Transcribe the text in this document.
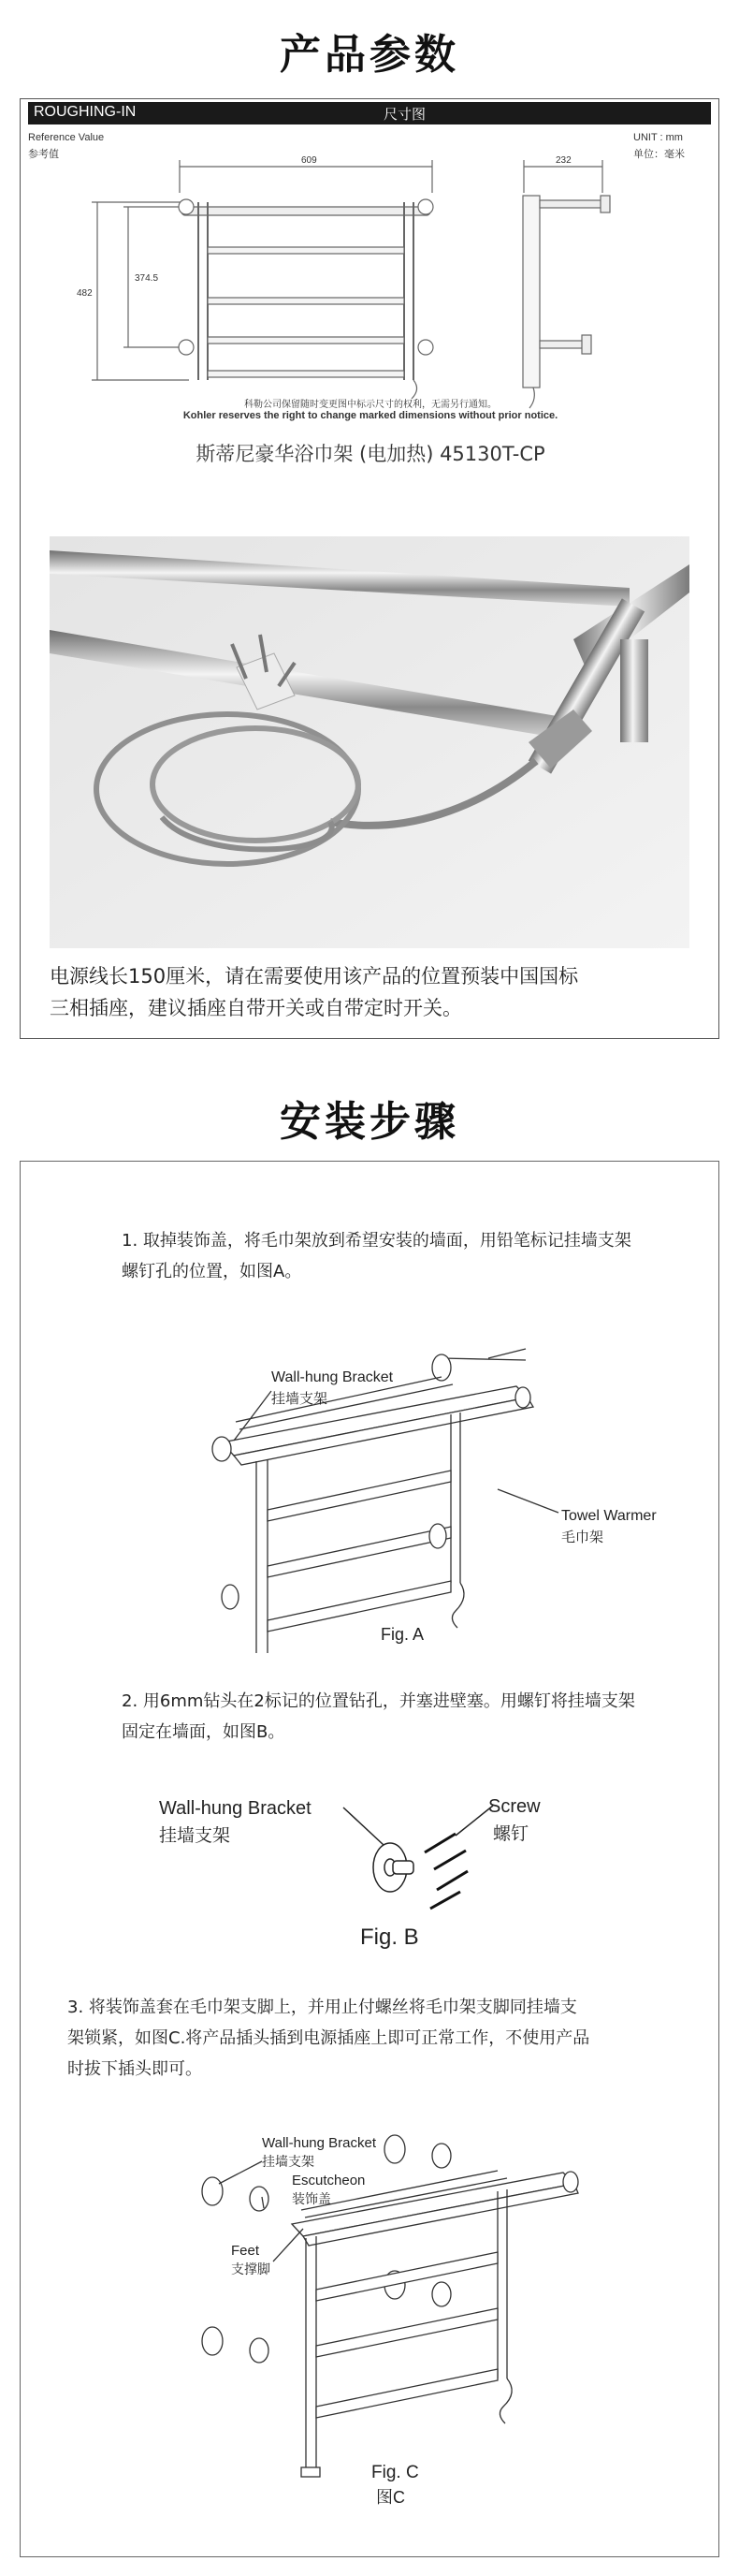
产品参数
ROUGHING-IN	尺寸图
Reference Value
参考值
UNIT : mm
单位：毫米
609	232
482
374.5
科勒公司保留随时变更图中标示尺寸的权利，无需另行通知。
Kohler reserves the right to change marked dimensions without prior notice.
斯蒂尼豪华浴巾架 (电加热) 45130T-CP
电源线长150厘米，请在需要使用该产品的位置预装中国国标
三相插座，建议插座自带开关或自带定时开关。
安装步骤
1. 取掉装饰盖，将毛巾架放到希望安装的墙面，用铅笔标记挂墙支架
螺钉孔的位置，如图A。
Wall-hung Bracket
挂墙支架
Towel Warmer
毛巾架
Fig. A
2. 用6mm钻头在2标记的位置钻孔，并塞进壁塞。用螺钉将挂墙支架
固定在墙面，如图B。
Wall-hung Bracket
挂墙支架
Screw
螺钉
Fig. B
3. 将装饰盖套在毛巾架支脚上，并用止付螺丝将毛巾架支脚同挂墙支
架锁紧，如图C.将产品插头插到电源插座上即可正常工作，不使用产品
时拔下插头即可。
Wall-hung Bracket
挂墙支架
Escutcheon
装饰盖
Feet
支撑脚
Fig. C
图C
